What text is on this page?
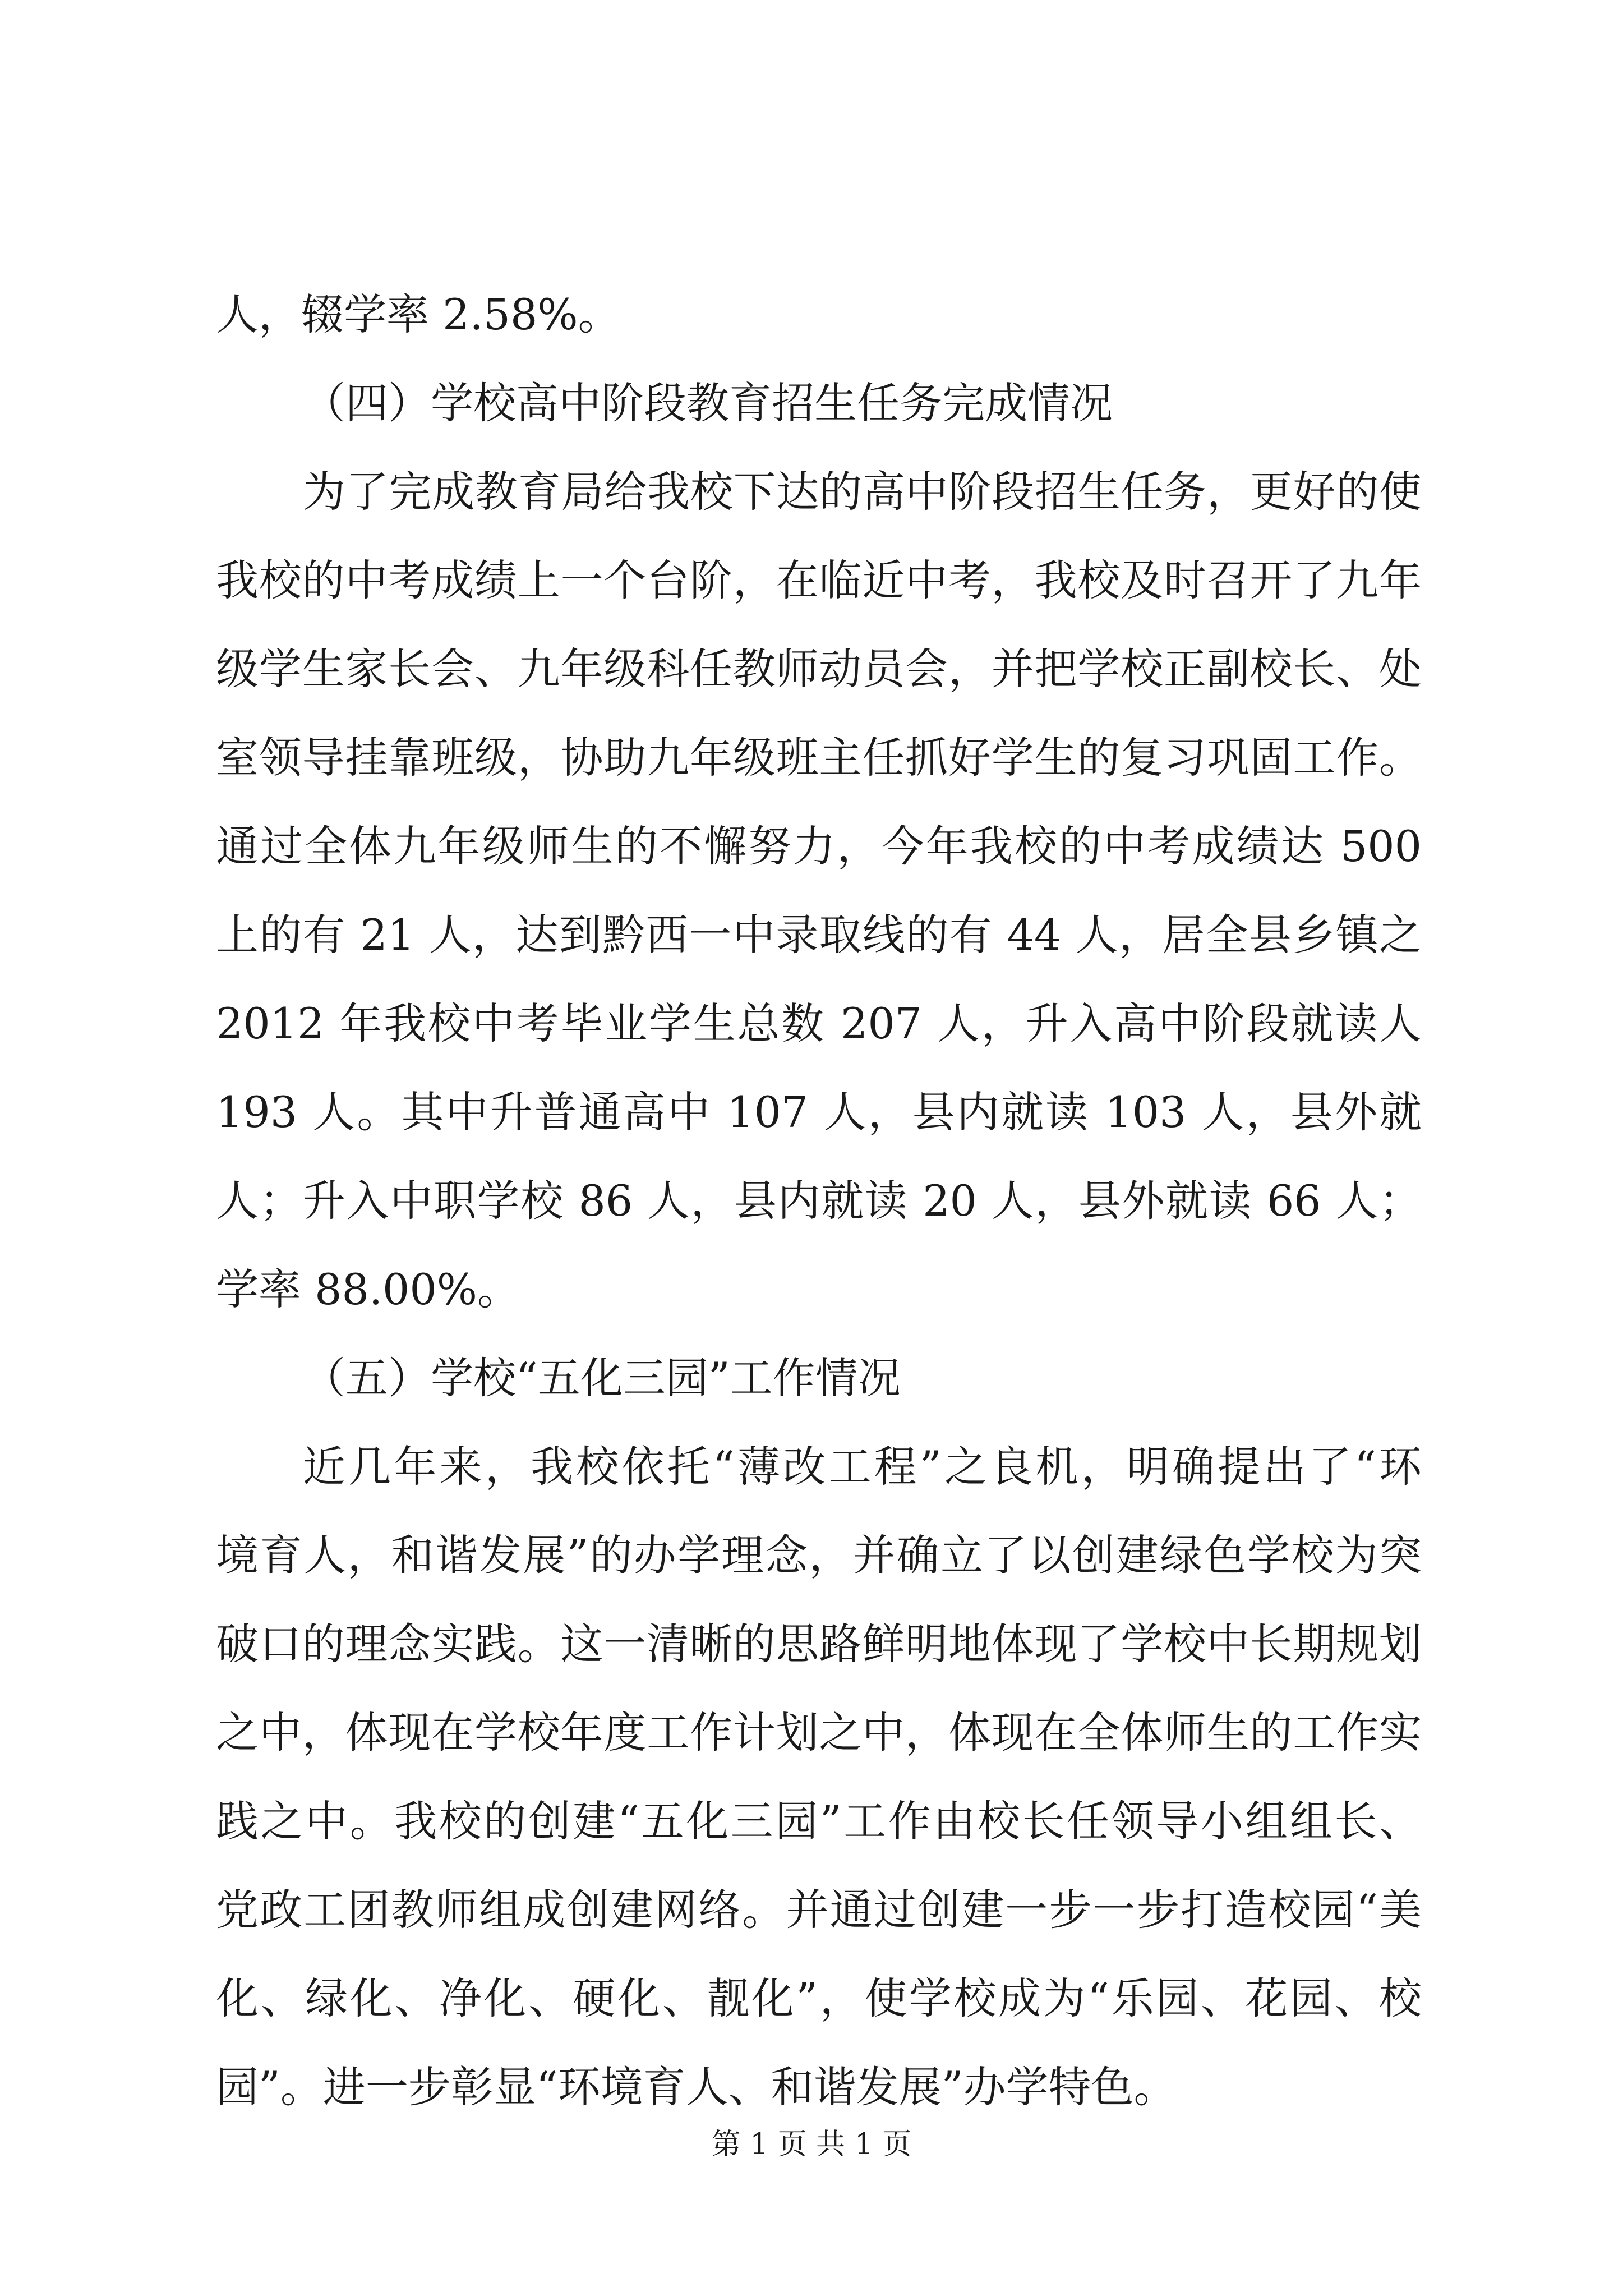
人，辍学率 2.58%。
（四）学校高中阶段教育招生任务完成情况
为了完成教育局给我校下达的高中阶段招生任务，更好的使
我校的中考成绩上一个台阶，在临近中考，我校及时召开了九年
级学生家长会、九年级科任教师动员会，并把学校正副校长、处
室领导挂靠班级，协助九年级班主任抓好学生的复习巩固工作。
通过全体九年级师生的不懈努力，今年我校的中考成绩达 500
上的有 21 人，达到黔西一中录取线的有 44 人，居全县乡镇之
2012 年我校中考毕业学生总数 207 人，升入高中阶段就读人
193 人。其中升普通高中 107 人，县内就读 103 人，县外就
人；升入中职学校 86 人，县内就读 20 人，县外就读 66 人；
学率 88.00%。
（五）学校“五化三园”工作情况
近几年来，我校依托“薄改工程”之良机，明确提出了“环
境育人，和谐发展”的办学理念，并确立了以创建绿色学校为突
破口的理念实践。这一清晰的思路鲜明地体现了学校中长期规划
之中，体现在学校年度工作计划之中，体现在全体师生的工作实
践之中。我校的创建“五化三园”工作由校长任领导小组组长、
党政工团教师组成创建网络。并通过创建一步一步打造校园“美
化、绿化、净化、硬化、靓化”，使学校成为“乐园、花园、校
园”。进一步彰显“环境育人、和谐发展”办学特色。
第 1 页 共 1 页
